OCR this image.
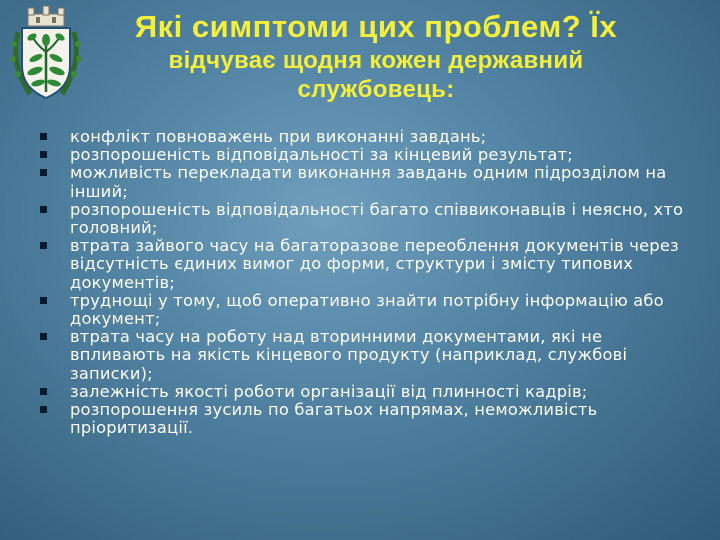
Які симптоми цих проблем? Їх
відчуває щодня кожен державний
службовець:
конфлікт повноважень при виконанні завдань;
розпорошеність відповідальності за кінцевий результат;
можливість перекладати виконання завдань одним підрозділом на інший;
розпорошеність відповідальності багато співвиконавців і неясно, хто головний;
втрата зайвого часу на багаторазове переоблення документів через відсутність єдиних вимог до форми, структури і змісту типових документів;
труднощі у тому, щоб оперативно знайти потрібну інформацію або документ;
втрата часу на роботу над вторинними документами, які не впливають на якість кінцевого продукту (наприклад, службові записки);
залежність якості роботи організації від плинності кадрів;
розпорошення зусиль по багатьох напрямах, неможливість пріоритизації.
